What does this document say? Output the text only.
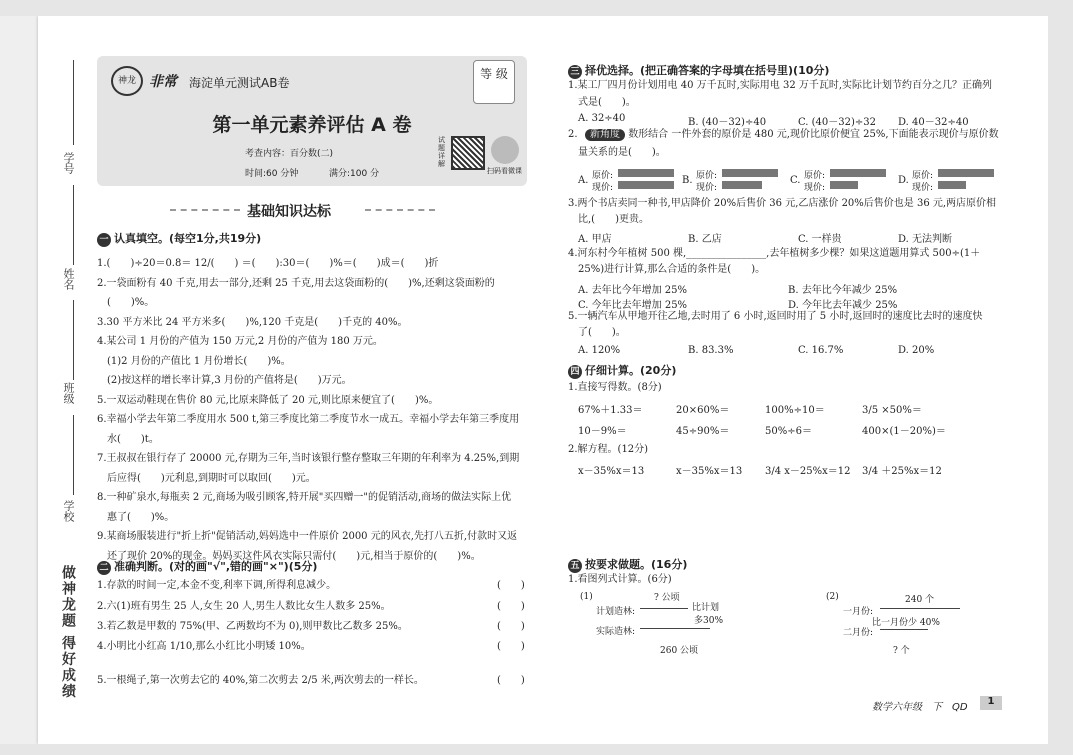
学号
姓名
班级
学校
做神龙题 得好成绩
神龙 非常 海淀单元测试AB卷
等 级
第一单元素养评估 A 卷
考查内容：百分数(二)
时间:60 分钟	满分:100 分
试题详解
扫码看微课
基础知识达标
一 认真填空。(每空1分,共19分)
1.(　　)÷20＝0.8＝ 12/(　　) ＝(　　):30＝(　　)%＝(　　)成＝(　　)折
2.一袋面粉有 40 千克,用去一部分,还剩 25 千克,用去这袋面粉的(　　)%,还剩这袋面粉的
　(　　)%。
3.30 平方米比 24 平方米多(　　)%,120 千克是(　　)千克的 40%。
4.某公司 1 月份的产值为 150 万元,2 月份的产值为 180 万元。
　(1)2 月份的产值比 1 月份增长(　　)%。
　(2)按这样的增长率计算,3 月份的产值将是(　　)万元。
5.一双运动鞋现在售价 80 元,比原来降低了 20 元,则比原来便宜了(　　)%。
6.幸福小学去年第二季度用水 500 t,第三季度比第二季度节水一成五。幸福小学去年第三季度用
　水(　　)t。
7.王叔叔在银行存了 20000 元,存期为三年,当时该银行整存整取三年期的年利率为 4.25%,到期
　后应得(　　)元利息,到期时可以取回(　　)元。
8.一种矿泉水,每瓶卖 2 元,商场为吸引顾客,特开展"买四赠一"的促销活动,商场的做法实际上优
　惠了(　　)%。
9.某商场服装进行"折上折"促销活动,妈妈选中一件原价 2000 元的风衣,先打八五折,付款时又返
　还了现价 20%的现金。妈妈买这件风衣实际只需付(　　)元,相当于原价的(　　)%。
二 准确判断。(对的画"√",错的画"×")(5分)
1.存款的时间一定,本金不变,利率下调,所得利息减少。	(　　)
2.六(1)班有男生 25 人,女生 20 人,男生人数比女生人数多 25%。	(　　)
3.若乙数是甲数的 75%(甲、乙两数均不为 0),则甲数比乙数多 25%。	(　　)
4.小明比小红高 1/10,那么小红比小明矮 10%。	(　　)
5.一根绳子,第一次剪去它的 40%,第二次剪去 2/5 米,两次剪去的一样长。	(　　)
三 择优选择。(把正确答案的字母填在括号里)(10分)
1.某工厂四月份计划用电 40 万千瓦时,实际用电 32 万千瓦时,实际比计划节约百分之几？正确列
　式是(　　)。
2.
　量关系的是(　　)。
3.两个书店卖同一种书,甲店降价 20%后售价 36 元,乙店涨价 20%后售价也是 36 元,两店原价相
　比,(　　)更贵。
4.河东村今年植树 500 棵,________________,去年植树多少棵？如果这道题用算式 500÷(1＋
　25%)进行计算,那么合适的条件是(　　)。
5.一辆汽车从甲地开往乙地,去时用了 6 小时,返回时用了 5 小时,返回时的速度比去时的速度快
　了(　　)。
新角度 数形结合 一件外套的原价是 480 元,现价比原价便宜 25%,下面能表示现价与原价数
A. 32÷40	B. (40－32)÷40	C. (40－32)÷32 D. 40－32÷40
A. 甲店	B. 乙店	C. 一样贵	D. 无法判断
A. 去年比今年增加 25%	B. 去年比今年减少 25%
C. 今年比去年增加 25%	D. 今年比去年减少 25%
A. 120%	B. 83.3%	C. 16.7%	D. 20%
A. 原价:
现价:
B. 原价:
现价:
C. 原价:
现价:
D. 原价:
现价:
四 仔细计算。(20分)
1.直接写得数。(8分)
67%＋1.33＝	20×60%＝	100%÷10＝	3/5 ×50%＝
10－9%＝	45÷90%＝	50%÷6＝	400×(1－20%)＝
x－35%x＝13	x－35%x＝13 3/4 x－25%x＝12 3/4 ＋25%x＝12
2.解方程。(12分)
五 按要求做题。(16分)
1.看图列式计算。(6分)
(1)	? 公顷
计划造林:	比计划
多30%
实际造林:
260 公顷
(2)	240 个
一月份:
二月份:
比一月份少 40%
? 个
数学六年级　下　QD
1
